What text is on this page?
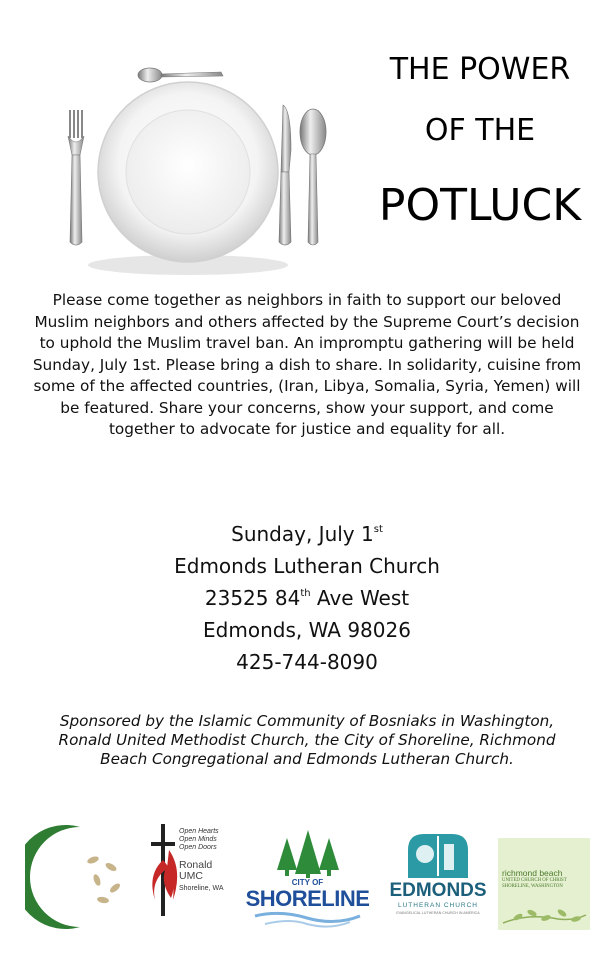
THE POWER
OF THE
POTLUCK
Please come together as neighbors in faith to support our beloved Muslim neighbors and others affected by the Supreme Court’s decision to uphold the Muslim travel ban. An impromptu gathering will be held Sunday, July 1st. Please bring a dish to share. In solidarity, cuisine from some of the affected countries, (Iran, Libya, Somalia, Syria, Yemen) will be featured. Share your concerns, show your support, and come together to advocate for justice and equality for all.
Sunday, July 1st
Edmonds Lutheran Church
23525 84th Ave West
Edmonds, WA 98026
425-744-8090
Sponsored by the Islamic Community of Bosniaks in Washington, Ronald United Methodist Church, the City of Shoreline, Richmond Beach Congregational and Edmonds Lutheran Church.
Open Hearts
Open Minds
Open Doors
Ronald
UMC
Shoreline, WA
CITY OF
SHORELINE	EDMONDS
LUTHERAN CHURCH
EVANGELICAL LUTHERAN CHURCH IN AMERICA
richmond beach
UNITED CHURCH OF CHRIST
SHORELINE, WASHINGTON
